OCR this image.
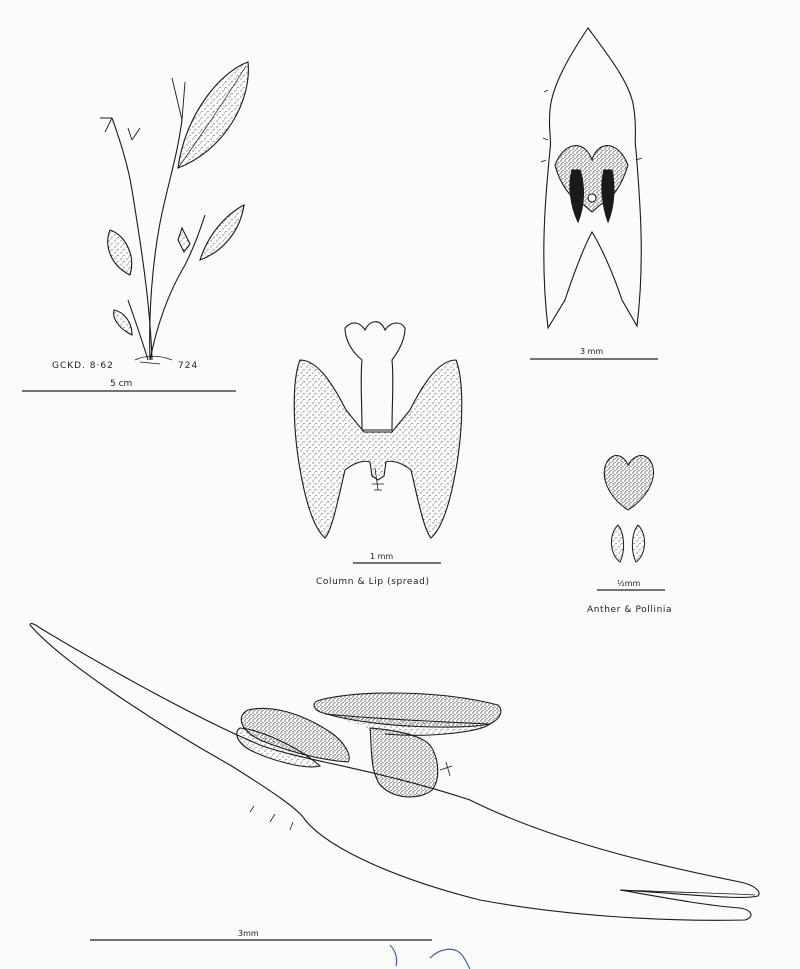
GCKD. 8·62	724
5 cm
3 mm
1 mm
Column & Lip (spread)	½mm
Anther & Pollinia
3mm
